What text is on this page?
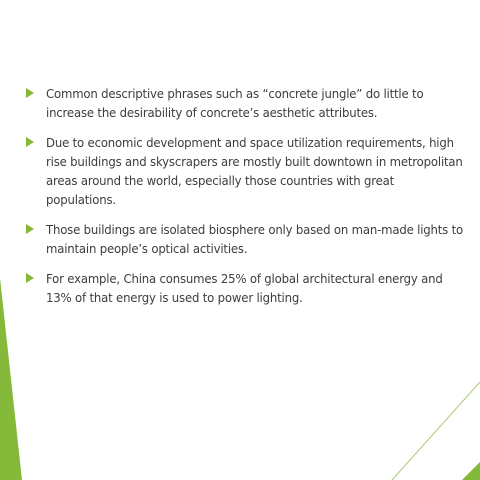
Common descriptive phrases such as “concrete jungle” do little to increase the desirability of concrete’s aesthetic attributes.
Due to economic development and space utilization requirements, high rise buildings and skyscrapers are mostly built downtown in metropolitan areas around the world, especially those countries with great populations.
Those buildings are isolated biosphere only based on man-made lights to maintain people’s optical activities.
For example, China consumes 25% of global architectural energy and 13% of that energy is used to power lighting.
